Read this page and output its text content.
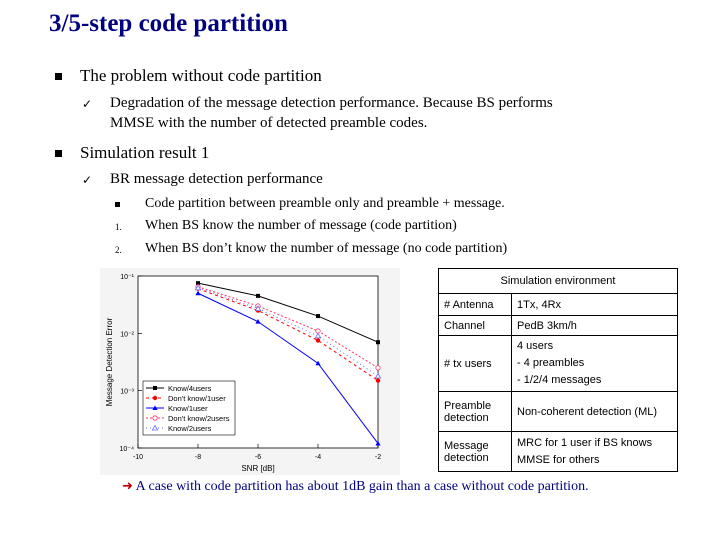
3/5-step code partition
The problem without code partition
✓ Degradation of the message detection performance. Because BS performs
MMSE with the number of detected preamble codes.
Simulation result 1
✓ BR message detection performance
Code partition between preamble only and preamble + message.
1. When BS know the number of message (code partition)
2. When BS don’t know the number of message (no code partition)
-10	-8	-6	-4	-2
10⁻¹
10⁻²
10⁻³
10⁻⁴
SNR [dB]
Message Detection Error	Know/4users
Don't know/1user
Know/1user
Don't know/2users
Know/2users
Simulation environment	
# Antenna	1Tx, 4Rx
Channel	PedB 3km/h
# tx users	4 users
- 4 preambles
- 1/2/4 messages

Preamble detection	Non-coherent detection (ML)
Message detection	MRC for 1 user if BS knows
MMSE for others
➜ A case with code partition has about 1dB gain than a case without code partition.
